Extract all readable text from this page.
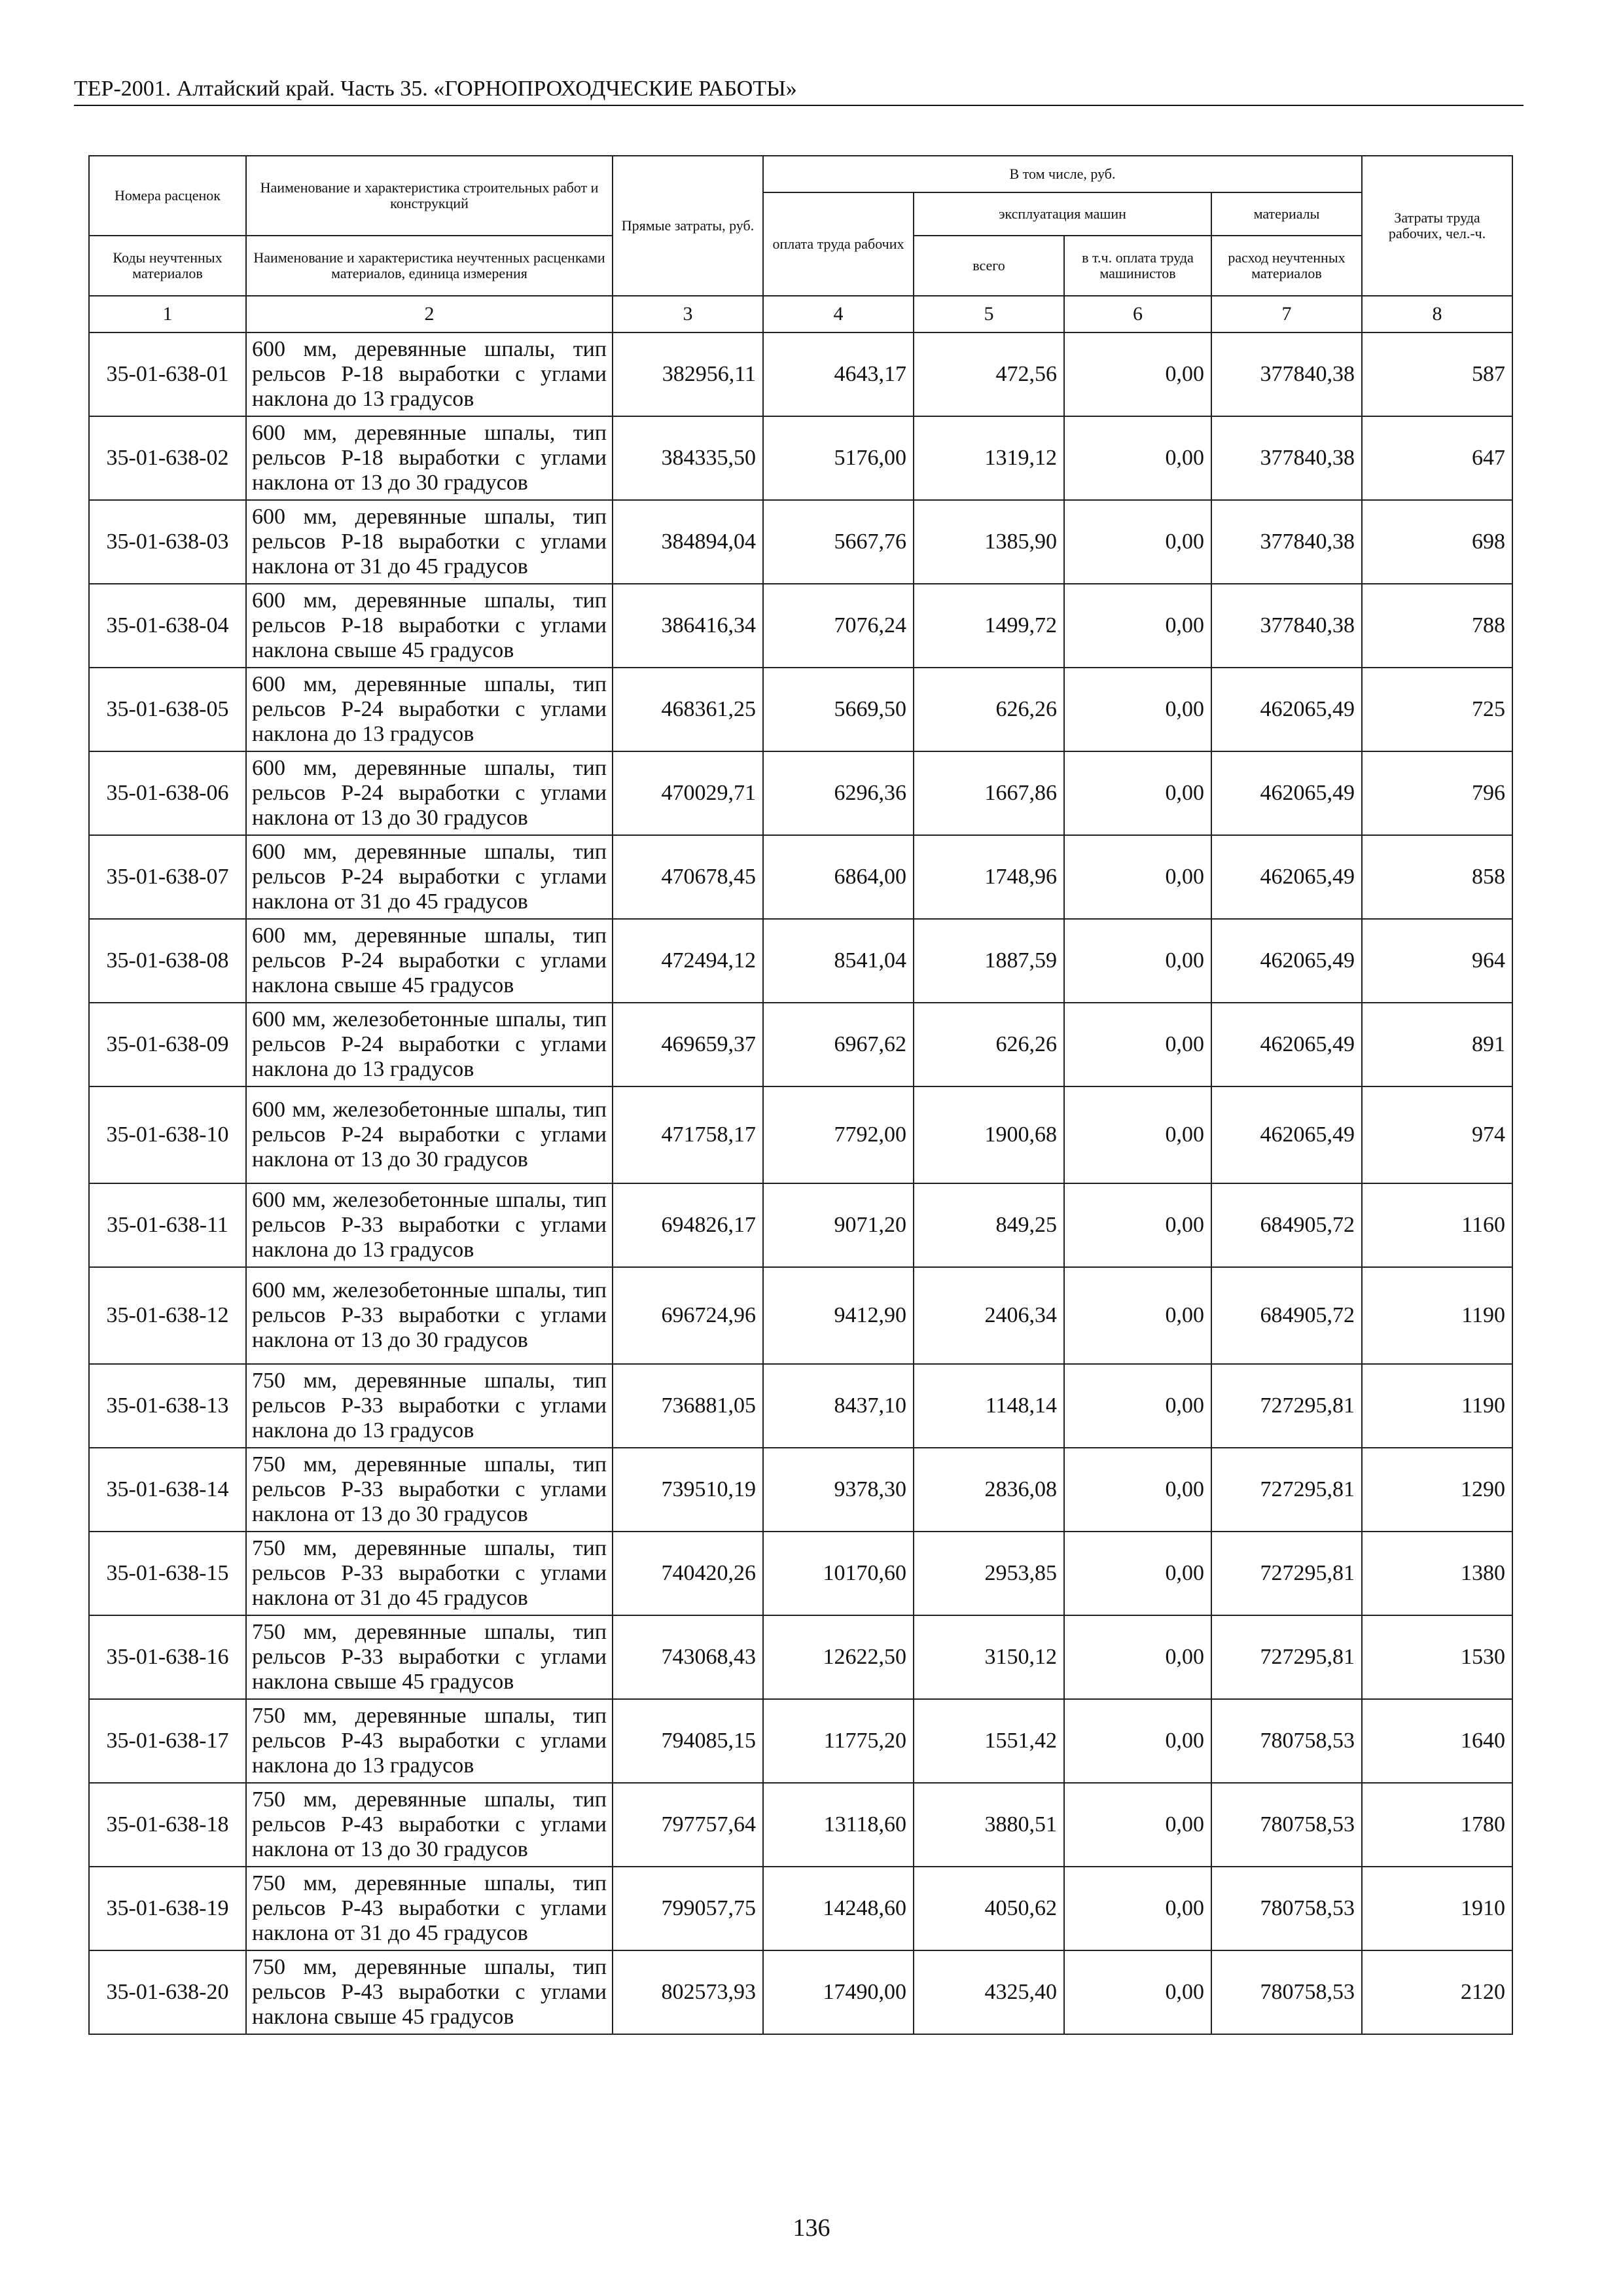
ТЕР-2001. Алтайский край. Часть 35. «ГОРНОПРОХОДЧЕСКИЕ РАБОТЫ»
Номера расценок	Наименование и характеристика строительных работ и конструкций	Прямые затраты, руб.	В том числе, руб.				Затраты труда рабочих, чел.-ч.
			оплата труда рабочих	эксплуатация машин		материалы	
Коды неучтенных материалов	Наименование и характеристика неучтенных расценками материалов, единица измерения			всего	в т.ч. оплата труда машинистов	расход неучтенных материалов	
1	2	3	4	5	6	7	8
35-01-638-01	600 мм, деревянные шпалы, тип рельсов Р-18 выработки с углами наклона до 13 градусов	382956,11	4643,17	472,56	0,00	377840,38	587
35-01-638-02	600 мм, деревянные шпалы, тип рельсов Р-18 выработки с углами наклона от 13 до 30 градусов	384335,50	5176,00	1319,12	0,00	377840,38	647
35-01-638-03	600 мм, деревянные шпалы, тип рельсов Р-18 выработки с углами наклона от 31 до 45 градусов	384894,04	5667,76	1385,90	0,00	377840,38	698
35-01-638-04	600 мм, деревянные шпалы, тип рельсов Р-18 выработки с углами наклона свыше 45 градусов	386416,34	7076,24	1499,72	0,00	377840,38	788
35-01-638-05	600 мм, деревянные шпалы, тип рельсов Р-24 выработки с углами наклона до 13 градусов	468361,25	5669,50	626,26	0,00	462065,49	725
35-01-638-06	600 мм, деревянные шпалы, тип рельсов Р-24 выработки с углами наклона от 13 до 30 градусов	470029,71	6296,36	1667,86	0,00	462065,49	796
35-01-638-07	600 мм, деревянные шпалы, тип рельсов Р-24 выработки с углами наклона от 31 до 45 градусов	470678,45	6864,00	1748,96	0,00	462065,49	858
35-01-638-08	600 мм, деревянные шпалы, тип рельсов Р-24 выработки с углами наклона свыше 45 градусов	472494,12	8541,04	1887,59	0,00	462065,49	964
35-01-638-09	600 мм, железобетонные шпалы, тип рельсов Р-24 выработки с углами наклона до 13 градусов	469659,37	6967,62	626,26	0,00	462065,49	891
35-01-638-10	600 мм, железобетонные шпалы, тип рельсов Р-24 выработки с углами наклона от 13 до 30 градусов	471758,17	7792,00	1900,68	0,00	462065,49	974
35-01-638-11	600 мм, железобетонные шпалы, тип рельсов Р-33 выработки с углами наклона до 13 градусов	694826,17	9071,20	849,25	0,00	684905,72	1160
35-01-638-12	600 мм, железобетонные шпалы, тип рельсов Р-33 выработки с углами наклона от 13 до 30 градусов	696724,96	9412,90	2406,34	0,00	684905,72	1190
35-01-638-13	750 мм, деревянные шпалы, тип рельсов Р-33 выработки с углами наклона до 13 градусов	736881,05	8437,10	1148,14	0,00	727295,81	1190
35-01-638-14	750 мм, деревянные шпалы, тип рельсов Р-33 выработки с углами наклона от 13 до 30 градусов	739510,19	9378,30	2836,08	0,00	727295,81	1290
35-01-638-15	750 мм, деревянные шпалы, тип рельсов Р-33 выработки с углами наклона от 31 до 45 градусов	740420,26	10170,60	2953,85	0,00	727295,81	1380
35-01-638-16	750 мм, деревянные шпалы, тип рельсов Р-33 выработки с углами наклона свыше 45 градусов	743068,43	12622,50	3150,12	0,00	727295,81	1530
35-01-638-17	750 мм, деревянные шпалы, тип рельсов Р-43 выработки с углами наклона до 13 градусов	794085,15	11775,20	1551,42	0,00	780758,53	1640
35-01-638-18	750 мм, деревянные шпалы, тип рельсов Р-43 выработки с углами наклона от 13 до 30 градусов	797757,64	13118,60	3880,51	0,00	780758,53	1780
35-01-638-19	750 мм, деревянные шпалы, тип рельсов Р-43 выработки с углами наклона от 31 до 45 градусов	799057,75	14248,60	4050,62	0,00	780758,53	1910
35-01-638-20	750 мм, деревянные шпалы, тип рельсов Р-43 выработки с углами наклона свыше 45 градусов	802573,93	17490,00	4325,40	0,00	780758,53	2120
136
